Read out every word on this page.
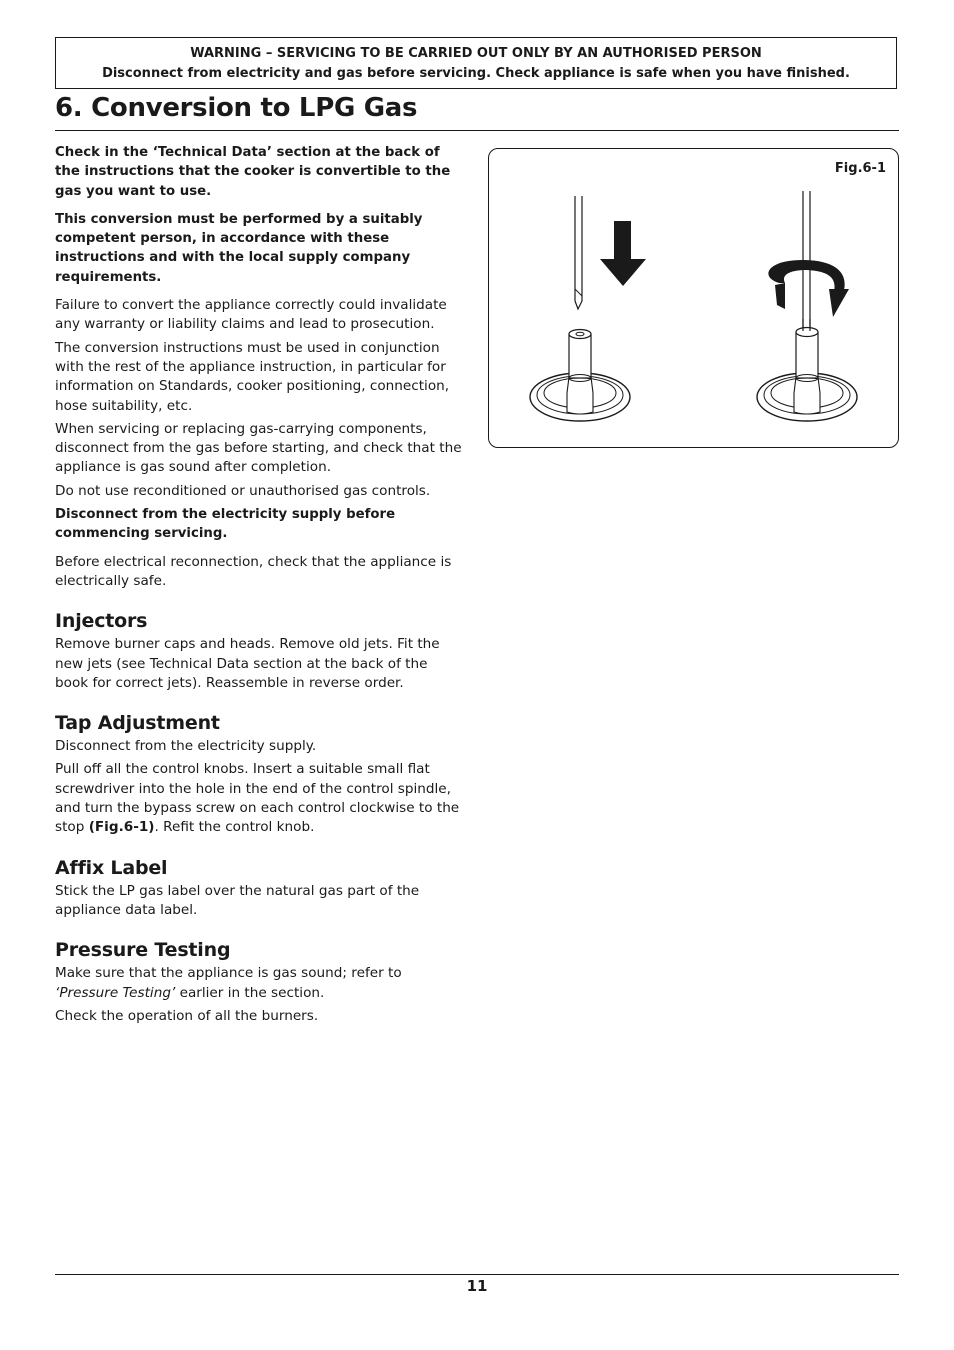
WARNING – SERVICING TO BE CARRIED OUT ONLY BY AN AUTHORISED PERSON
Disconnect from electricity and gas before servicing. Check appliance is safe when you have finished.
6. Conversion to LPG Gas

Check in the ‘Technical Data’ section at the back of the instructions that the cooker is convertible to the gas you want to use.

This conversion must be performed by a suitably competent person, in accordance with these instructions and with the local supply company requirements.

Failure to convert the appliance correctly could invalidate any warranty or liability claims and lead to prosecution.

The conversion instructions must be used in conjunction with the rest of the appliance instruction, in particular for information on Standards, cooker positioning, connection, hose suitability, etc.

When servicing or replacing gas-carrying components, disconnect from the gas before starting, and check that the appliance is gas sound after completion.

Do not use reconditioned or unauthorised gas controls.

Disconnect from the electricity supply before commencing servicing.

Before electrical reconnection, check that the appliance is electrically safe.

Injectors

Remove burner caps and heads. Remove old jets. Fit the new jets (see Technical Data section at the back of the book for correct jets). Reassemble in reverse order.

Tap Adjustment

Disconnect from the electricity supply.

Pull off all the control knobs. Insert a suitable small flat screwdriver into the hole in the end of the control spindle, and turn the bypass screw on each control clockwise to the stop (Fig.6-1). Refit the control knob.

Affix Label

Stick the LP gas label over the natural gas part of the appliance data label.

Pressure Testing

Make sure that the appliance is gas sound; refer to ‘Pressure Testing’ earlier in the section.

Check the operation of all the burners.

Fig.6-1
11
